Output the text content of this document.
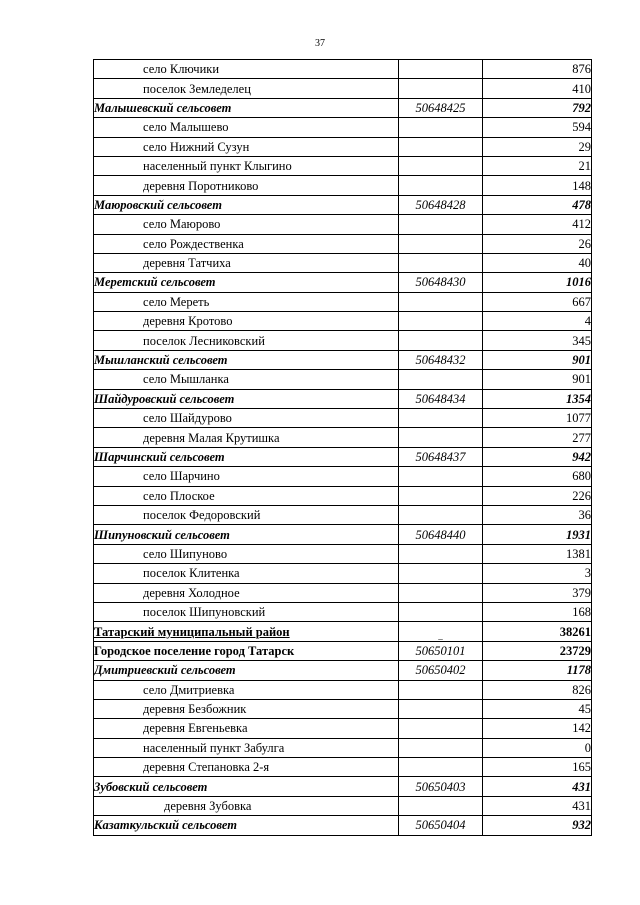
37
село Ключики		876
поселок Земледелец		410
Малышевский сельсовет	50648425	792
село Малышево		594
село Нижний Сузун		29
населенный пункт Клыгино		21
деревня Поротниково		148
Маюровский сельсовет	50648428	478
село Маюрово		412
село Рождественка		26
деревня Татчиха		40
Меретский сельсовет	50648430	1016
село Мереть		667
деревня Кротово		4
поселок Лесниковский		345
Мышланский сельсовет	50648432	901
село Мышланка		901
Шайдуровский сельсовет	50648434	1354
село Шайдурово		1077
деревня Малая Крутишка		277
Шарчинский сельсовет	50648437	942
село Шарчино		680
село Плоское		226
поселок Федоровский		36
Шипуновский сельсовет	50648440	1931
село Шипуново		1381
поселок Клитенка		3
деревня Холодное		379
поселок Шипуновский		168
Татарский муниципальный район	_	38261
Городское поселение город Татарск	50650101	23729
Дмитриевский сельсовет	50650402	1178
село Дмитриевка		826
деревня Безбожник		45
деревня Евгеньевка		142
населенный пункт Забулга		0
деревня Степановка 2-я		165
Зубовский сельсовет	50650403	431
деревня Зубовка		431
Казаткульский сельсовет	50650404	932
